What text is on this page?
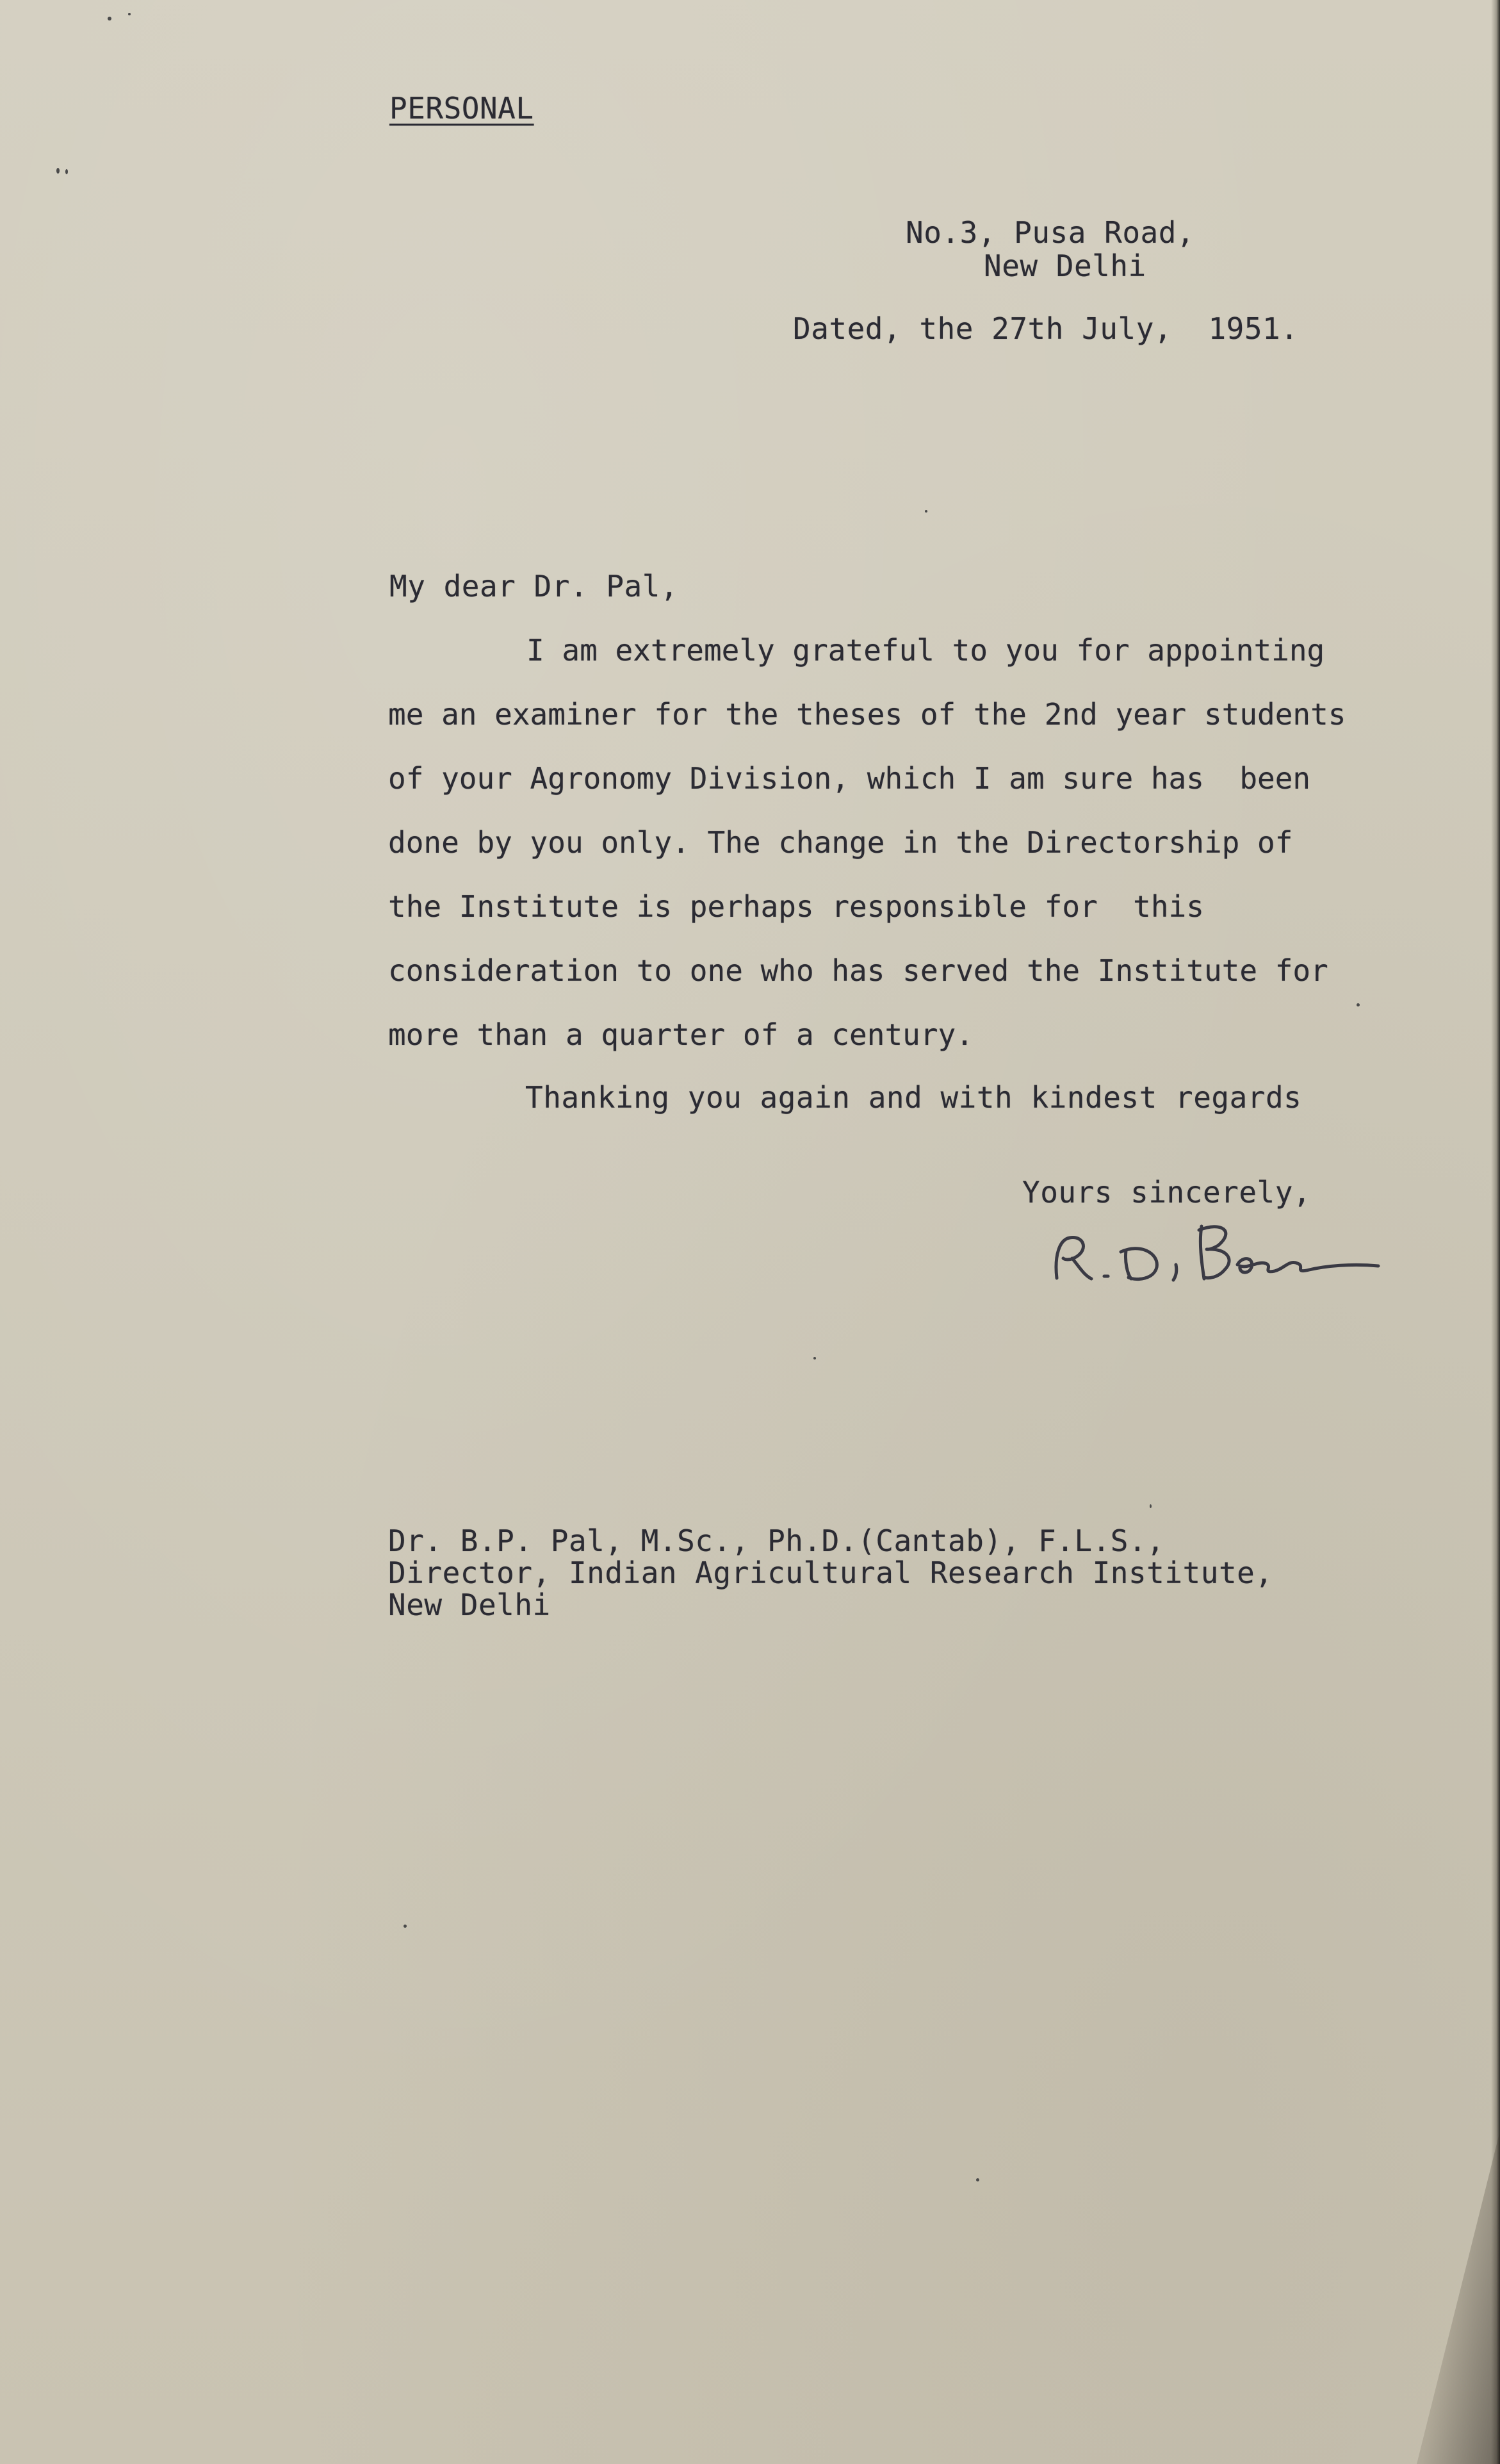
PERSONAL
No.3, Pusa Road,
New Delhi
Dated, the 27th July,  1951.
My dear Dr. Pal,
I am extremely grateful to you for appointing
me an examiner for the theses of the 2nd year students
of your Agronomy Division, which I am sure has  been
done by you only. The change in the Directorship of
the Institute is perhaps responsible for  this
consideration to one who has served the Institute for
more than a quarter of a century.
Thanking you again and with kindest regards
Yours sincerely,
Dr. B.P. Pal, M.Sc., Ph.D.(Cantab), F.L.S.,
Director, Indian Agricultural Research Institute,
New Delhi
